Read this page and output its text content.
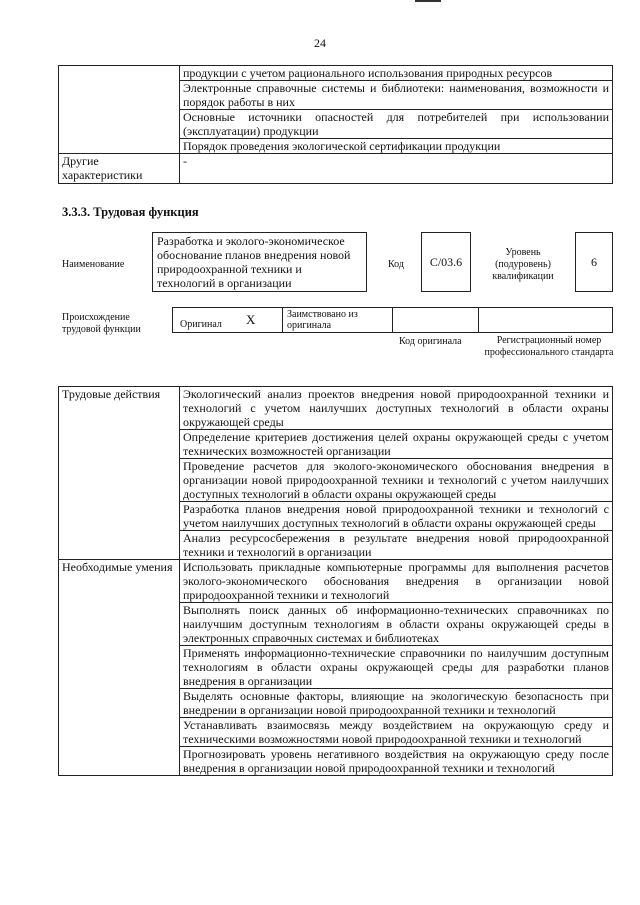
24
	продукции с учетом рационального использования природных ресурсов
	Электронные справочные системы и библиотеки: наименования, возможности и порядок работы в них
	Основные источники опасностей для потребителей при использовании (эксплуатации) продукции
	Порядок проведения экологической сертификации продукции
Другие характеристики	-
3.3.3. Трудовая функция
Наименование
Разработка и эколого-экономическое обоснование планов внедрения новой природоохранной техники и технологий в организации
Код	С/03.6
Уровень (подуровень) квалификации
6
Происхождение трудовой функции	Оригинал Х	Заимствовано из оригинала
Код оригинала	Регистрационный номер профессионального стандарта
Трудовые действия	Экологический анализ проектов внедрения новой природоохранной техники и технологий с учетом наилучших доступных технологий в области охраны окружающей среды
	Определение критериев достижения целей охраны окружающей среды с учетом технических возможностей организации
	Проведение расчетов для эколого-экономического обоснования внедрения в организации новой природоохранной техники и технологий с учетом наилучших доступных технологий в области охраны окружающей среды
	Разработка планов внедрения новой природоохранной техники и технологий с учетом наилучших доступных технологий в области охраны окружающей среды
	Анализ ресурсосбережения в результате внедрения новой природоохранной техники и технологий в организации
Необходимые умения	Использовать прикладные компьютерные программы для выполнения расчетов эколого-экономического обоснования внедрения в организации новой природоохранной техники и технологий
	Выполнять поиск данных об информационно-технических справочниках по наилучшим доступным технологиям в области охраны окружающей среды в электронных справочных системах и библиотеках
	Применять информационно-технические справочники по наилучшим доступным технологиям в области охраны окружающей среды для разработки планов внедрения в организации
	Выделять основные факторы, влияющие на экологическую безопасность при внедрении в организации новой природоохранной техники и технологий
	Устанавливать взаимосвязь между воздействием на окружающую среду и техническими возможностями новой природоохранной техники и технологий
	Прогнозировать уровень негативного воздействия на окружающую среду после внедрения в организации новой природоохранной техники и технологий
